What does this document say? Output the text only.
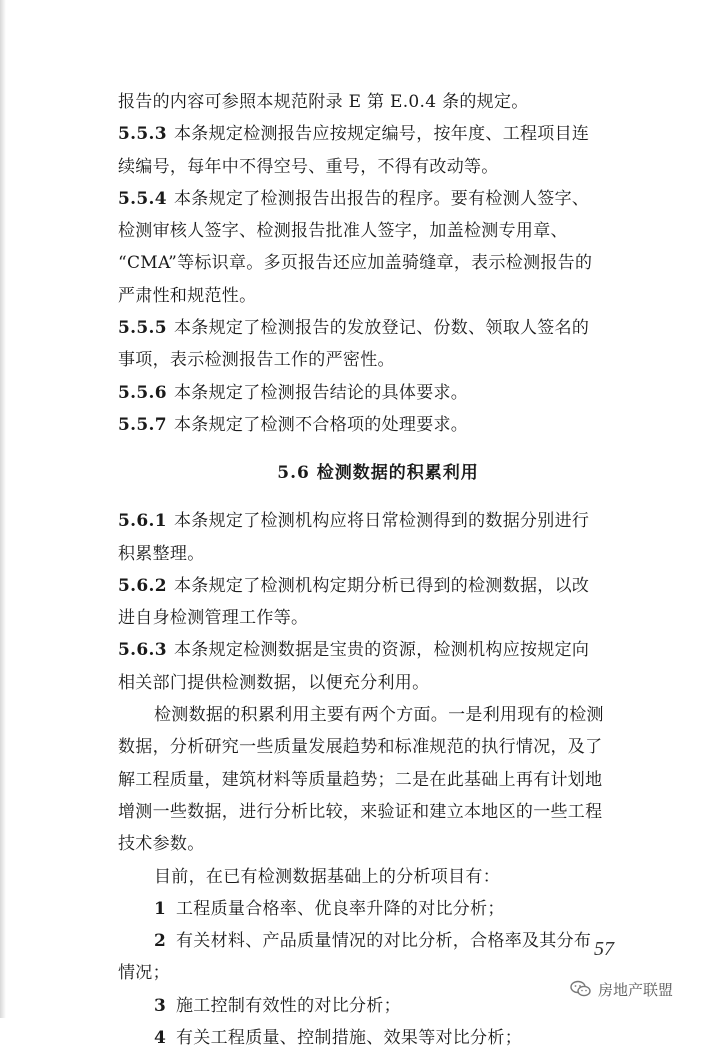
报告的内容可参照本规范附录 E 第 E.0.4 条的规定。
5.5.3 本条规定检测报告应按规定编号，按年度、工程项目连
续编号，每年中不得空号、重号，不得有改动等。
5.5.4 本条规定了检测报告出报告的程序。要有检测人签字、
检测审核人签字、检测报告批准人签字，加盖检测专用章、
“CMA”等标识章。多页报告还应加盖骑缝章，表示检测报告的
严肃性和规范性。
5.5.5 本条规定了检测报告的发放登记、份数、领取人签名的
事项，表示检测报告工作的严密性。
5.5.6 本条规定了检测报告结论的具体要求。
5.5.7 本条规定了检测不合格项的处理要求。
5.6 检测数据的积累利用
5.6.1 本条规定了检测机构应将日常检测得到的数据分别进行
积累整理。
5.6.2 本条规定了检测机构定期分析已得到的检测数据，以改
进自身检测管理工作等。
5.6.3 本条规定检测数据是宝贵的资源，检测机构应按规定向
相关部门提供检测数据，以便充分利用。
检测数据的积累利用主要有两个方面。一是利用现有的检测
数据，分析研究一些质量发展趋势和标准规范的执行情况，及了
解工程质量，建筑材料等质量趋势；二是在此基础上再有计划地
增测一些数据，进行分析比较，来验证和建立本地区的一些工程
技术参数。
目前，在已有检测数据基础上的分析项目有：
1 工程质量合格率、优良率升降的对比分析；
2 有关材料、产品质量情况的对比分析，合格率及其分布
情况；
3 施工控制有效性的对比分析；
4 有关工程质量、控制措施、效果等对比分析；
57
房地产联盟
